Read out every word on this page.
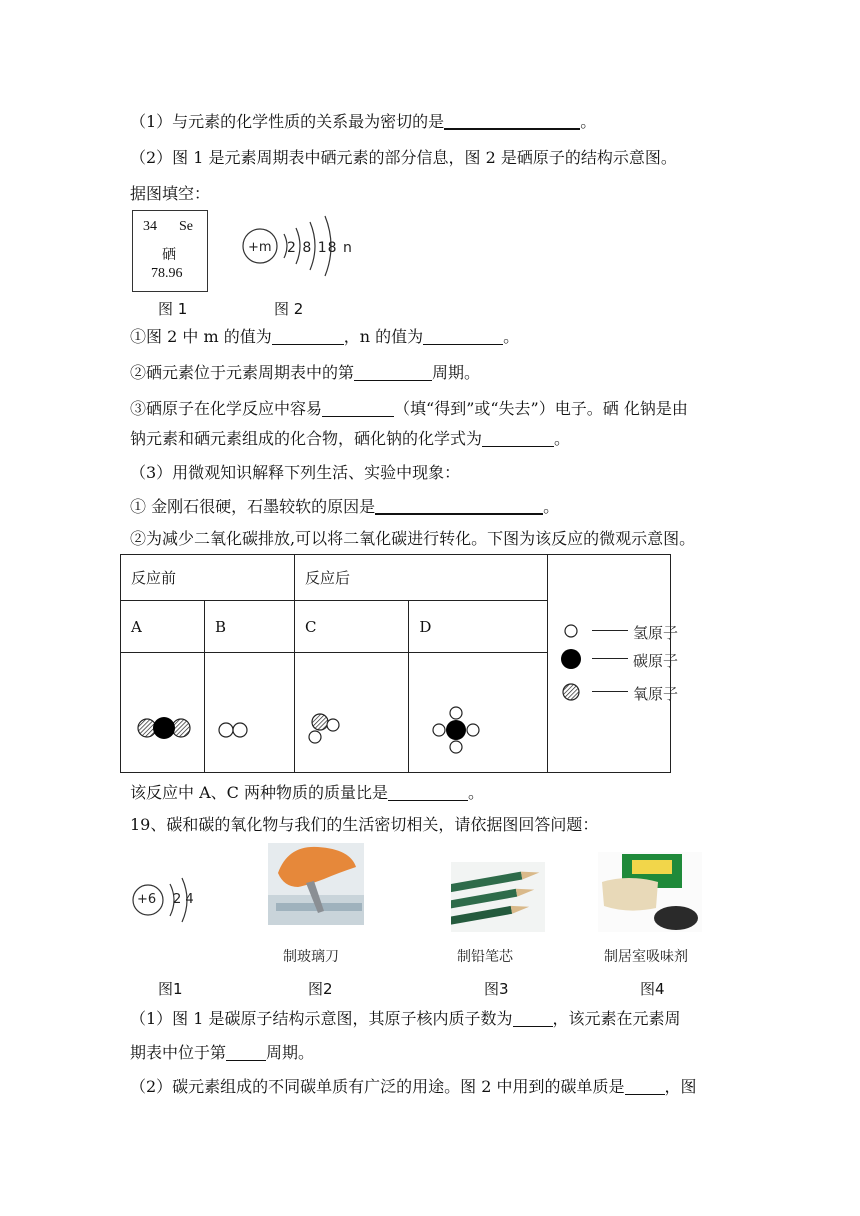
（1）与元素的化学性质的关系最为密切的是	。
（2）图 1 是元素周期表中硒元素的部分信息，图 2 是硒原子的结构示意图。
据图填空：
34 Se
硒
78.96
+m 2 8 18 n
图 1	图 2
①图 2 中 m 的值为	，n 的值为	。
②硒元素位于元素周期表中的第	周期。
③硒原子在化学反应中容易	（填“得到”或“失去”）电子。硒 化钠是由
钠元素和硒元素组成的化合物，硒化钠的化学式为	。
（3）用微观知识解释下列生活、实验中现象：
① 金刚石很硬，石墨较软的原因是	。
②为减少二氧化碳排放,可以将二氧化碳进行转化。下图为该反应的微观示意图。
反应前		反应后		氢原子
碳原子
氧原子

A	B	C	D	

该反应中 A、C 两种物质的质量比是	。
19、碳和碳的氧化物与我们的生活密切相关，请依据图回答问题：
+6 2 4
制玻璃刀	制铅笔芯	制居室吸味剂
图1	图2	图3	图4
（1）图 1 是碳原子结构示意图，其原子核内质子数为	，该元素在元素周
期表中位于第	周期。
（2）碳元素组成的不同碳单质有广泛的用途。图 2 中用到的碳单质是	，图
